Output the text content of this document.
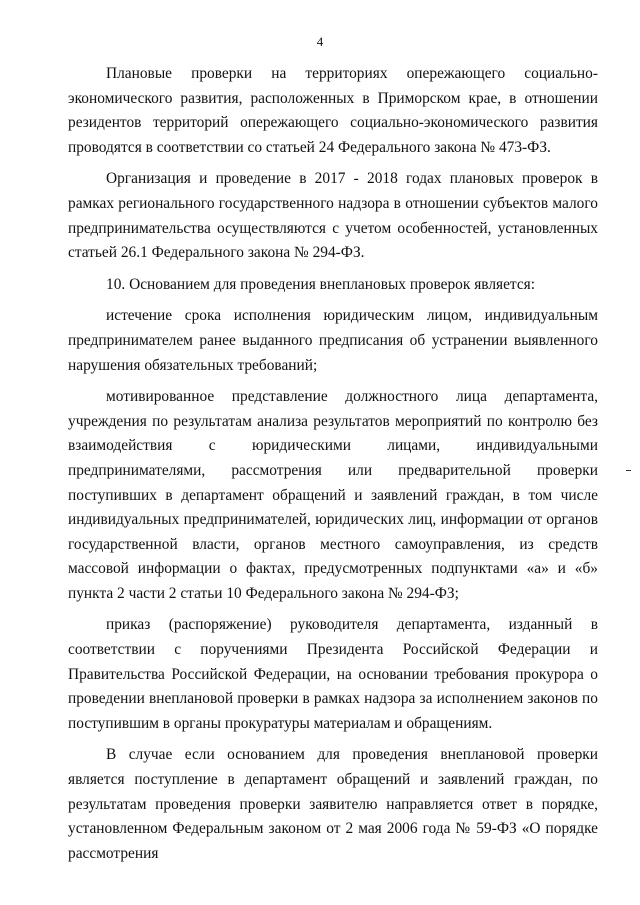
4

Плановые проверки на территориях опережающего социально-экономического развития, расположенных в Приморском крае, в отношении резидентов территорий опережающего социально-экономического развития проводятся в соответствии со статьей 24 Федерального закона № 473-ФЗ.

Организация и проведение в 2017 - 2018 годах плановых проверок в рамках регионального государственного надзора в отношении субъектов малого предпринимательства осуществляются с учетом особенностей, установленных статьей 26.1 Федерального закона № 294-ФЗ.

10. Основанием для проведения внеплановых проверок является:

истечение срока исполнения юридическим лицом, индивидуальным предпринимателем ранее выданного предписания об устранении выявленного нарушения обязательных требований;

мотивированное представление должностного лица департамента, учреждения по результатам анализа результатов мероприятий по контролю без взаимодействия с юридическими лицами, индивидуальными предпринимателями, рассмотрения или предварительной проверки поступивших в департамент обращений и заявлений граждан, в том числе индивидуальных предпринимателей, юридических лиц, информации от органов государственной власти, органов местного самоуправления, из средств массовой информации о фактах, предусмотренных подпунктами «а» и «б» пункта 2 части 2 статьи 10 Федерального закона № 294-ФЗ;

приказ (распоряжение) руководителя департамента, изданный в соответствии с поручениями Президента Российской Федерации и Правительства Российской Федерации, на основании требования прокурора о проведении внеплановой проверки в рамках надзора за исполнением законов по поступившим в органы прокуратуры материалам и обращениям.

В случае если основанием для проведения внеплановой проверки является поступление в департамент обращений и заявлений граждан, по результатам проведения проверки заявителю направляется ответ в порядке, установленном Федеральным законом от 2 мая 2006 года № 59-ФЗ «О порядке рассмотрения
